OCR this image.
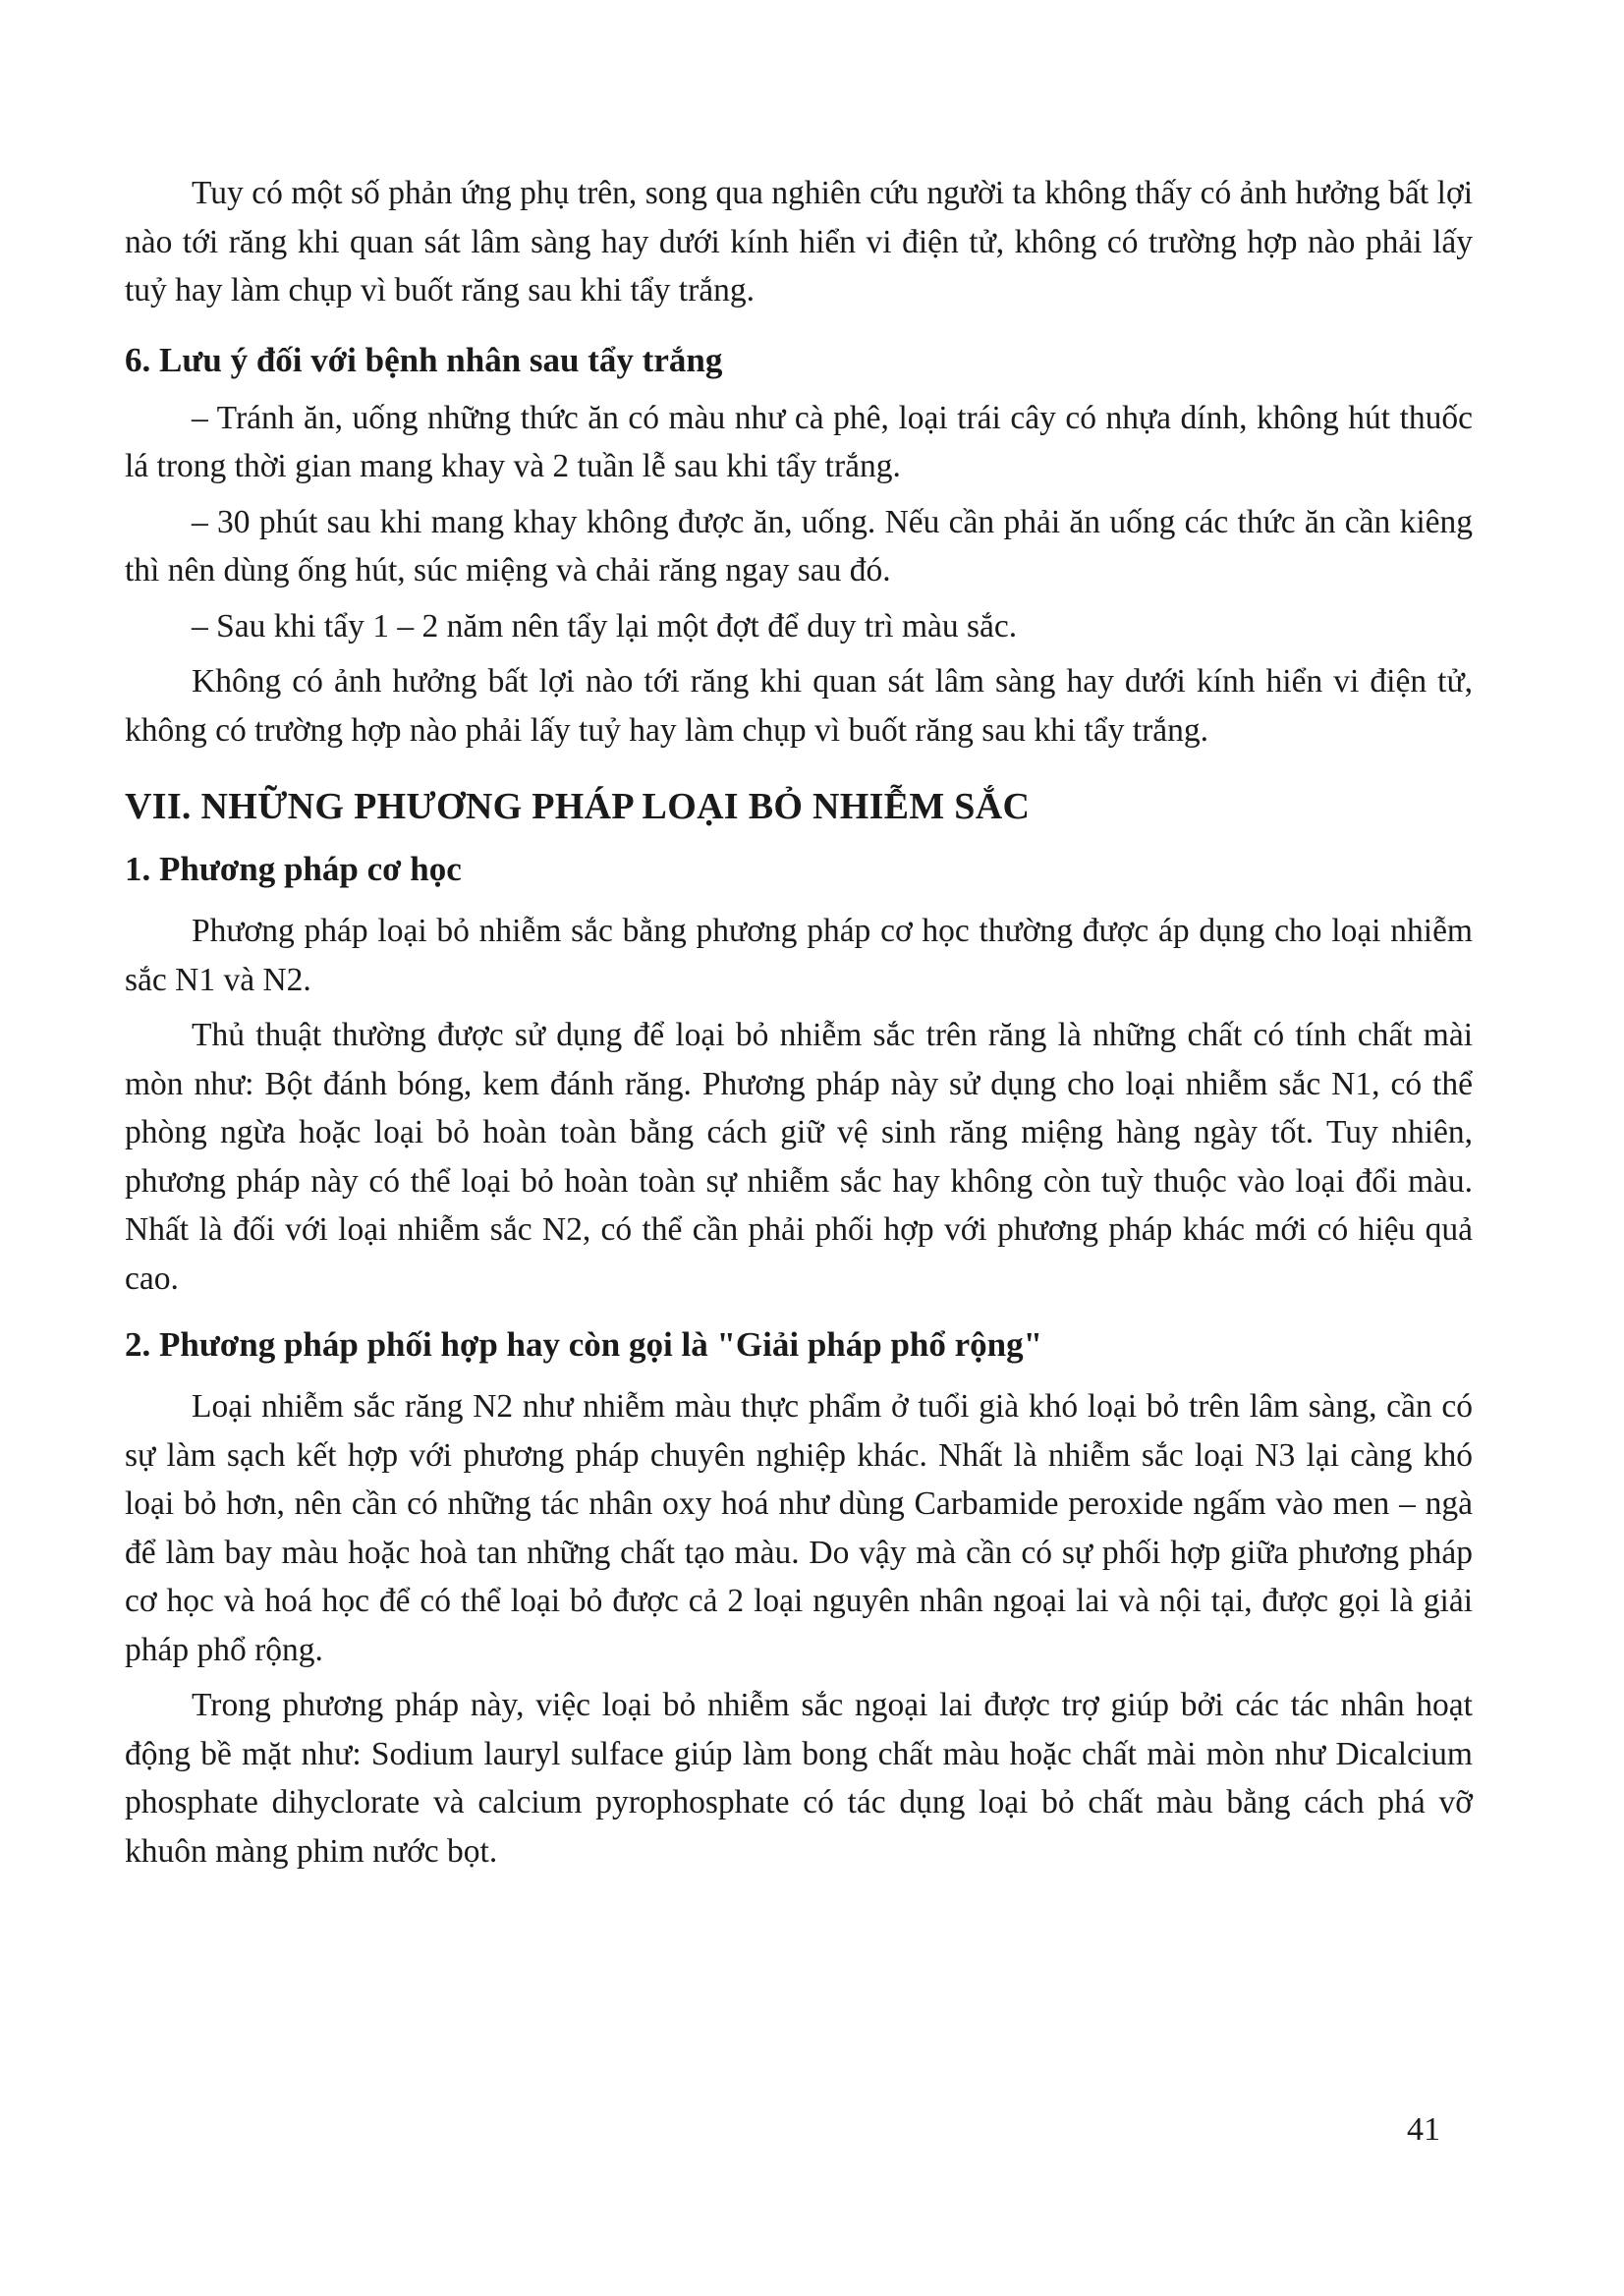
Tuy có một số phản ứng phụ trên, song qua nghiên cứu người ta không thấy có ảnh hưởng bất lợi nào tới răng khi quan sát lâm sàng hay dưới kính hiển vi điện tử, không có trường hợp nào phải lấy tuỷ hay làm chụp vì buốt răng sau khi tẩy trắng.

6. Lưu ý đối với bệnh nhân sau tẩy trắng

– Tránh ăn, uống những thức ăn có màu như cà phê, loại trái cây có nhựa dính, không hút thuốc lá trong thời gian mang khay và 2 tuần lễ sau khi tẩy trắng.

– 30 phút sau khi mang khay không được ăn, uống. Nếu cần phải ăn uống các thức ăn cần kiêng thì nên dùng ống hút, súc miệng và chải răng ngay sau đó.

– Sau khi tẩy 1 – 2 năm nên tẩy lại một đợt để duy trì màu sắc.

Không có ảnh hưởng bất lợi nào tới răng khi quan sát lâm sàng hay dưới kính hiển vi điện tử, không có trường hợp nào phải lấy tuỷ hay làm chụp vì buốt răng sau khi tẩy trắng.

VII. NHỮNG PHƯƠNG PHÁP LOẠI BỎ NHIỄM SẮC
1. Phương pháp cơ học

Phương pháp loại bỏ nhiễm sắc bằng phương pháp cơ học thường được áp dụng cho loại nhiễm sắc N1 và N2.

Thủ thuật thường được sử dụng để loại bỏ nhiễm sắc trên răng là những chất có tính chất mài mòn như: Bột đánh bóng, kem đánh răng. Phương pháp này sử dụng cho loại nhiễm sắc N1, có thể phòng ngừa hoặc loại bỏ hoàn toàn bằng cách giữ vệ sinh răng miệng hàng ngày tốt. Tuy nhiên, phương pháp này có thể loại bỏ hoàn toàn sự nhiễm sắc hay không còn tuỳ thuộc vào loại đổi màu. Nhất là đối với loại nhiễm sắc N2, có thể cần phải phối hợp với phương pháp khác mới có hiệu quả cao.

2. Phương pháp phối hợp hay còn gọi là "Giải pháp phổ rộng"

Loại nhiễm sắc răng N2 như nhiễm màu thực phẩm ở tuổi già khó loại bỏ trên lâm sàng, cần có sự làm sạch kết hợp với phương pháp chuyên nghiệp khác. Nhất là nhiễm sắc loại N3 lại càng khó loại bỏ hơn, nên cần có những tác nhân oxy hoá như dùng Carbamide peroxide ngấm vào men – ngà để làm bay màu hoặc hoà tan những chất tạo màu. Do vậy mà cần có sự phối hợp giữa phương pháp cơ học và hoá học để có thể loại bỏ được cả 2 loại nguyên nhân ngoại lai và nội tại, được gọi là giải pháp phổ rộng.

Trong phương pháp này, việc loại bỏ nhiễm sắc ngoại lai được trợ giúp bởi các tác nhân hoạt động bề mặt như: Sodium lauryl sulface giúp làm bong chất màu hoặc chất mài mòn như Dicalcium phosphate dihyclorate và calcium pyrophosphate có tác dụng loại bỏ chất màu bằng cách phá vỡ khuôn màng phim nước bọt.

41
